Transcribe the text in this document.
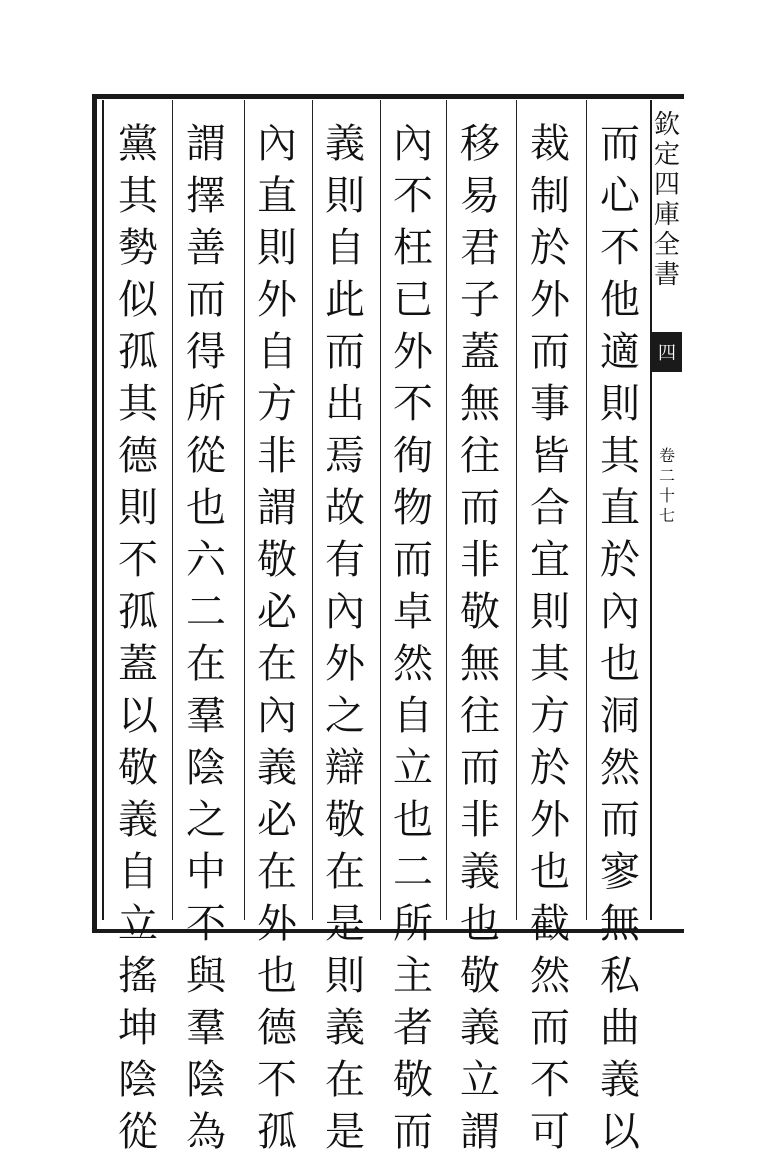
欽
定
四
庫
全
書
四
卷
二
十
七
而
心
不
他
適
則
其
直
於
內
也
洞
然
而
寥
無
私
曲
義
以
裁
制
於
外
而
事
皆
合
宜
則
其
方
於
外
也
截
然
而
不
可
移
易
君
子
蓋
無
往
而
非
敬
無
往
而
非
義
也
敬
義
立
謂
內
不
枉
已
外
不
徇
物
而
卓
然
自
立
也
二
所
主
者
敬
而
義
則
自
此
而
出
焉
故
有
內
外
之
辯
敬
在
是
則
義
在
是
內
直
則
外
自
方
非
謂
敬
必
在
內
義
必
在
外
也
德
不
孤
謂
擇
善
而
得
所
從
也
六
二
在
羣
陰
之
中
不
與
羣
陰
為
黨
其
勢
似
孤
其
德
則
不
孤
蓋
以
敬
義
自
立
搖
坤
陰
從
